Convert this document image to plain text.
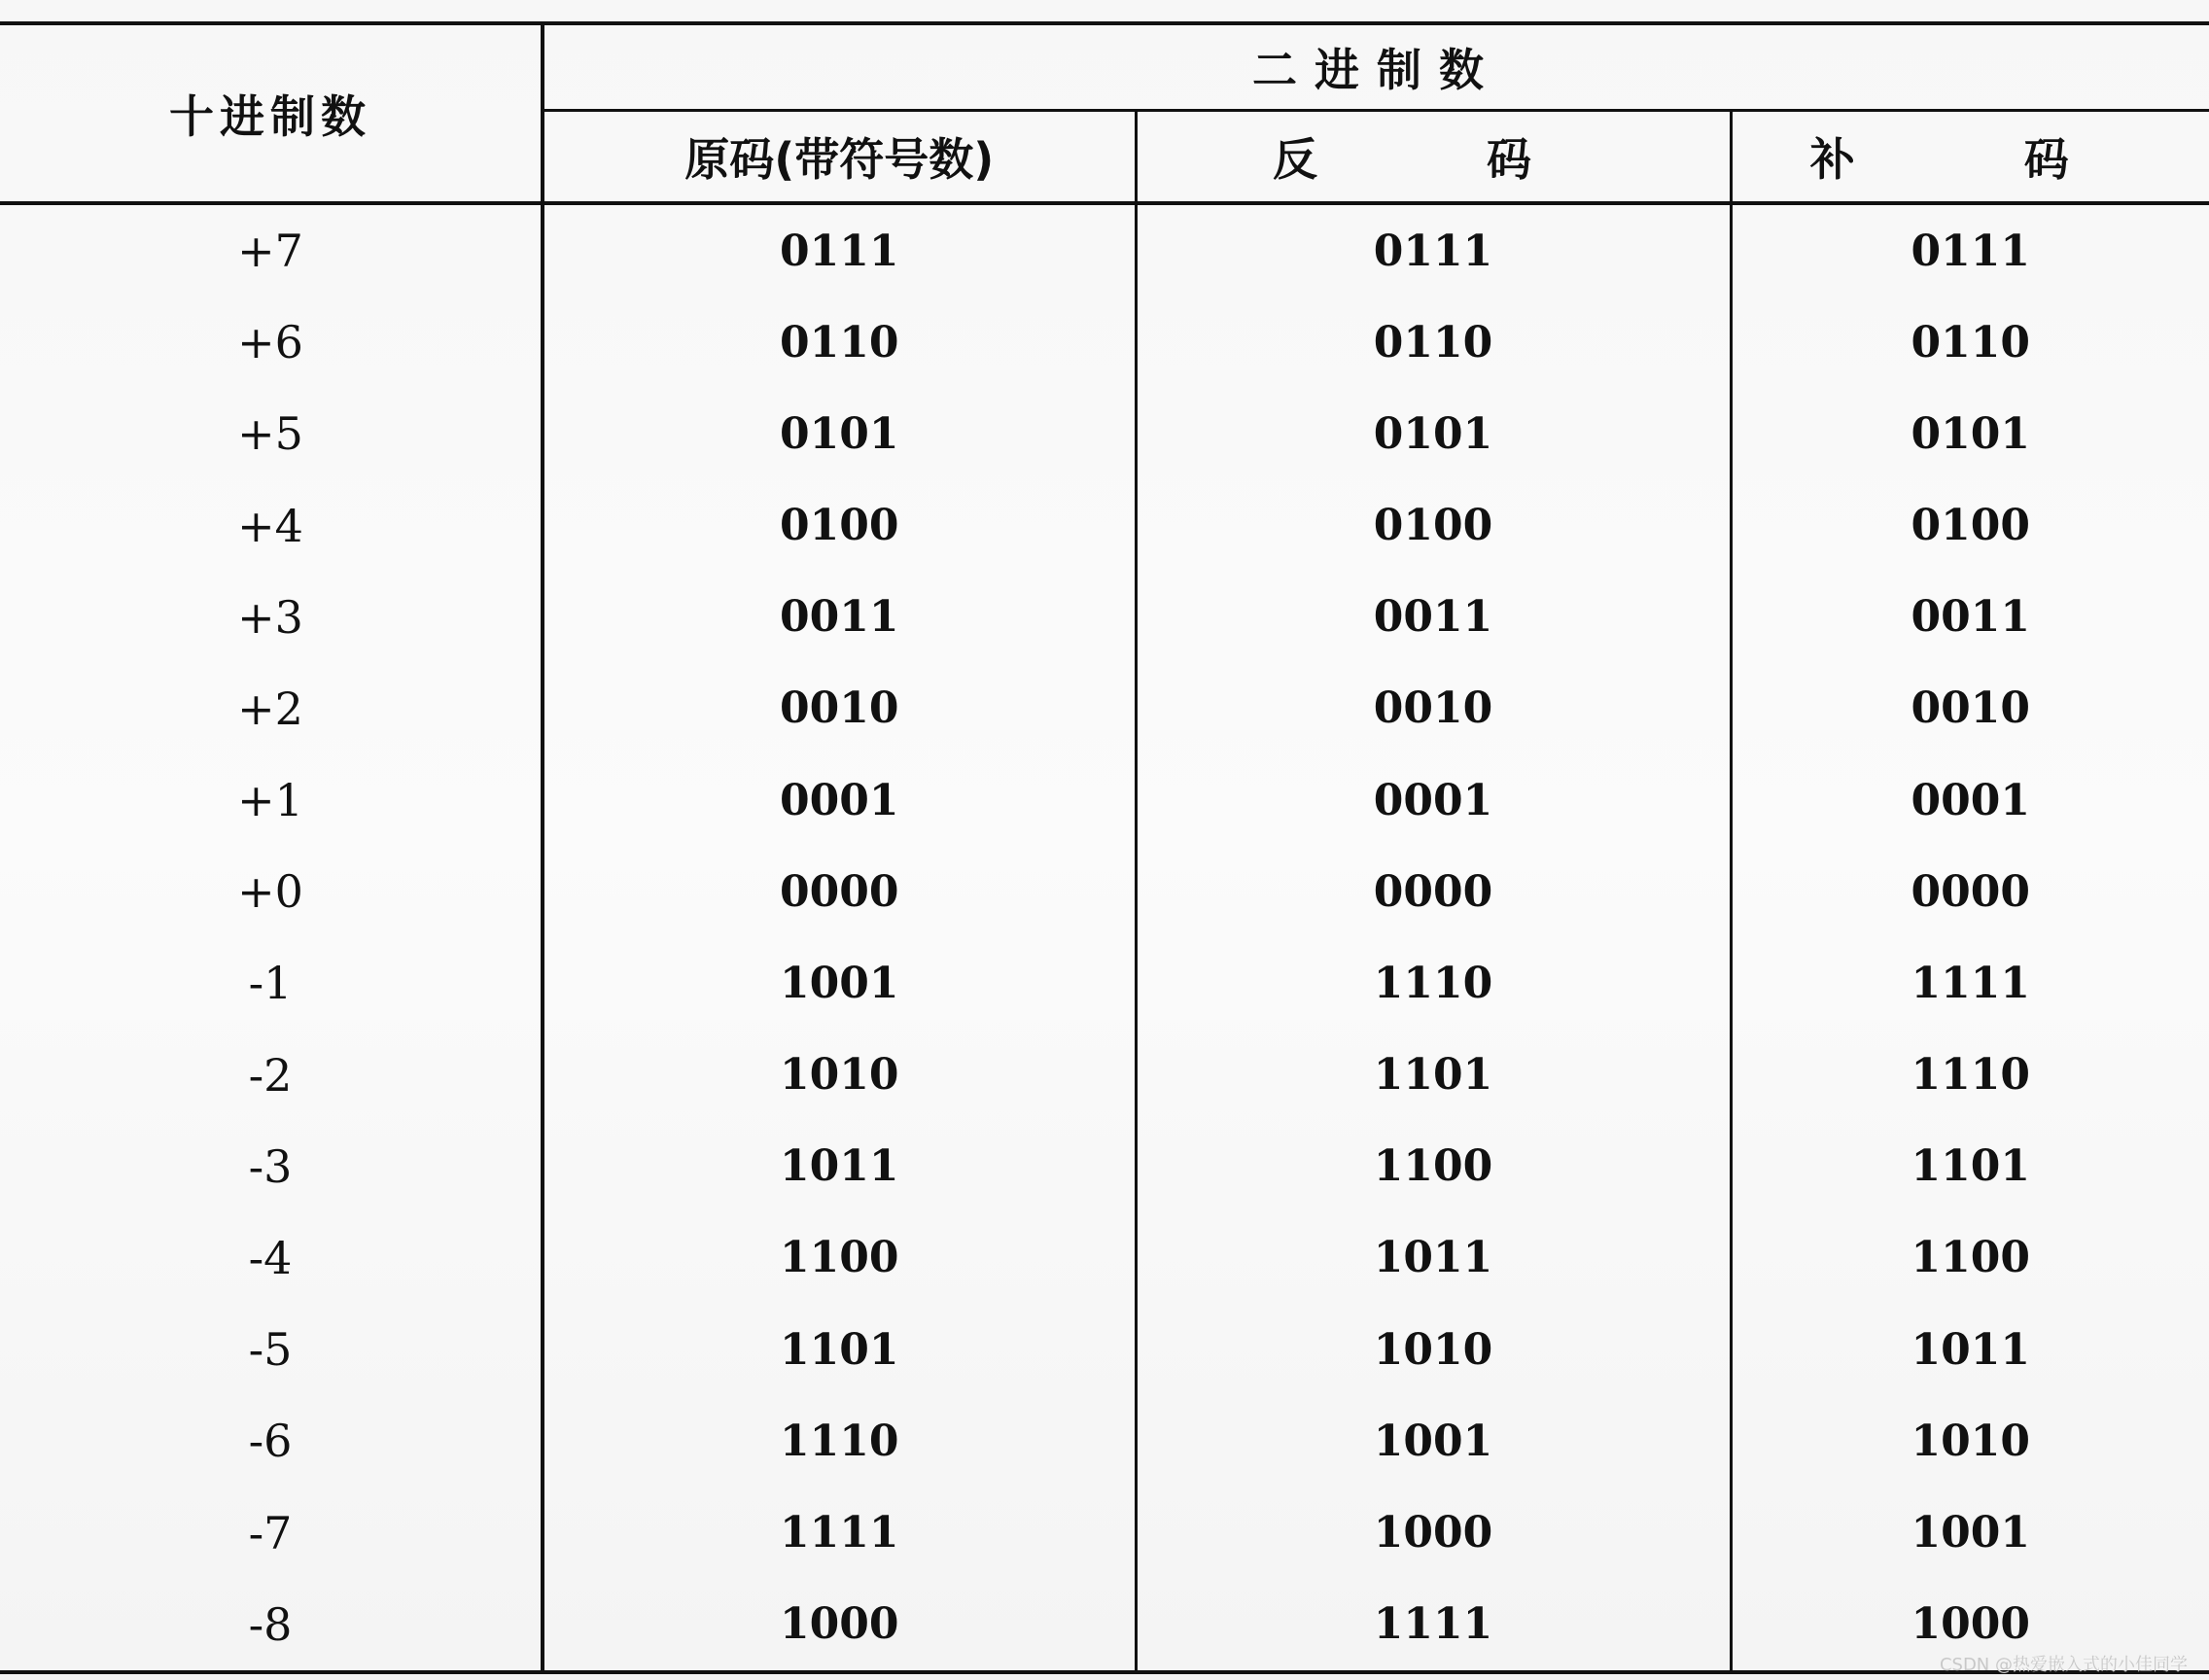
十进制数	二进制数		
	原码(带符号数)	反　码	补　码
+7	0111	0111	0111
+6	0110	0110	0110
+5	0101	0101	0101
+4	0100	0100	0100
+3	0011	0011	0011
+2	0010	0010	0010
+1	0001	0001	0001
+0	0000	0000	0000
-1	1001	1110	1111
-2	1010	1101	1110
-3	1011	1100	1101
-4	1100	1011	1100
-5	1101	1010	1011
-6	1110	1001	1010
-7	1111	1000	1001
-8	1000	1111	1000
CSDN @热爱嵌入式的小佳同学
